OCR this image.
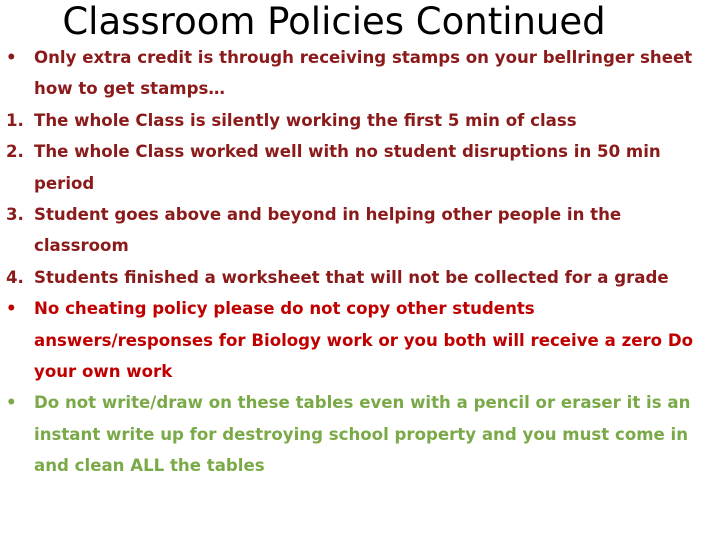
Classroom Policies Continued
•	Only extra credit is through receiving stamps on your bellringer sheet how to get stamps…
1. The whole Class is silently working the first 5 min of class
2. The whole Class worked well with no student disruptions in 50 min period
3. Student goes above and beyond in helping other people in the classroom
4. Students finished a worksheet that will not be collected for a grade
•	No cheating policy please do not copy other students answers/responses for Biology work or you both will receive a zero Do your own work
•	Do not write/draw on these tables even with a pencil or eraser it is an instant write up for destroying school property and you must come in and clean ALL the tables
